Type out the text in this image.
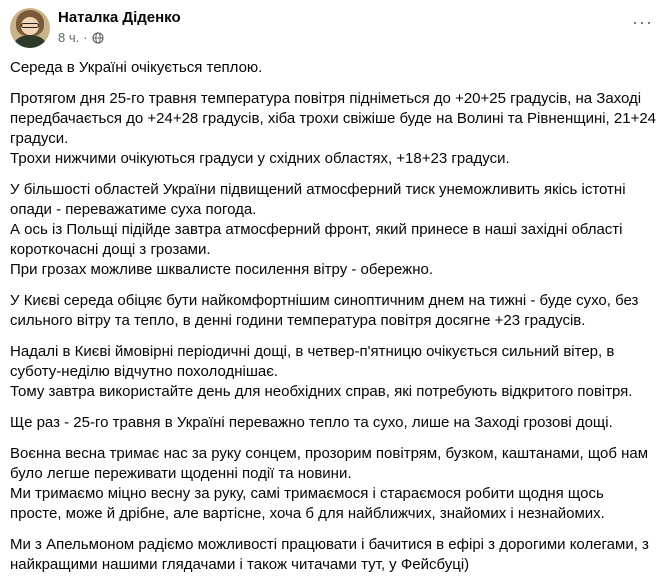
Наталка Діденко
8 ч. ·
···

Середа в Україні очікується теплою.

Протягом дня 25-го травня температура повітря підніметься до +20+25 градусів, на Заході
передбачається до +24+28 градусів, хіба трохи свіжіше буде на Волині та Рівненщині, 21+24
градуси.
Трохи нижчими очікуються градуси у східних областях, +18+23 градуси.

У більшості областей України підвищений атмосферний тиск унеможливить якісь істотні
опади - переважатиме суха погода.
А ось із Польщі підійде завтра атмосферний фронт, який принесе в наші західні області
короткочасні дощі з грозами.
При грозах можливе шквалисте посилення вітру - обережно.

У Києві середа обіцяє бути найкомфортнішим синоптичним днем на тижні - буде сухо, без
сильного вітру та тепло, в денні години температура повітря досягне +23 градусів.

Надалі в Києві ймовірні періодичні дощі, в четвер-п'ятницю очікується сильний вітер, в
суботу-неділю відчутно похолоднішає.
Тому завтра використайте день для необхідних справ, які потребують відкритого повітря.

Ще раз - 25-го травня в Україні переважно тепло та сухо, лише на Заході грозові дощі.

Воєнна весна тримає нас за руку сонцем, прозорим повітрям, бузком, каштанами, щоб нам
було легше переживати щоденні події та новини.
Ми тримаємо міцно весну за руку, самі тримаємося і стараємося робити щодня щось
просте, може й дрібне, але вартісне, хоча б для найближчих, знайомих і незнайомих.

Ми з Апельмоном радіємо можливості працювати і бачитися в ефірі з дорогими колегами, з
найкращими нашими глядачами і також читачами тут, у Фейсбуці)
